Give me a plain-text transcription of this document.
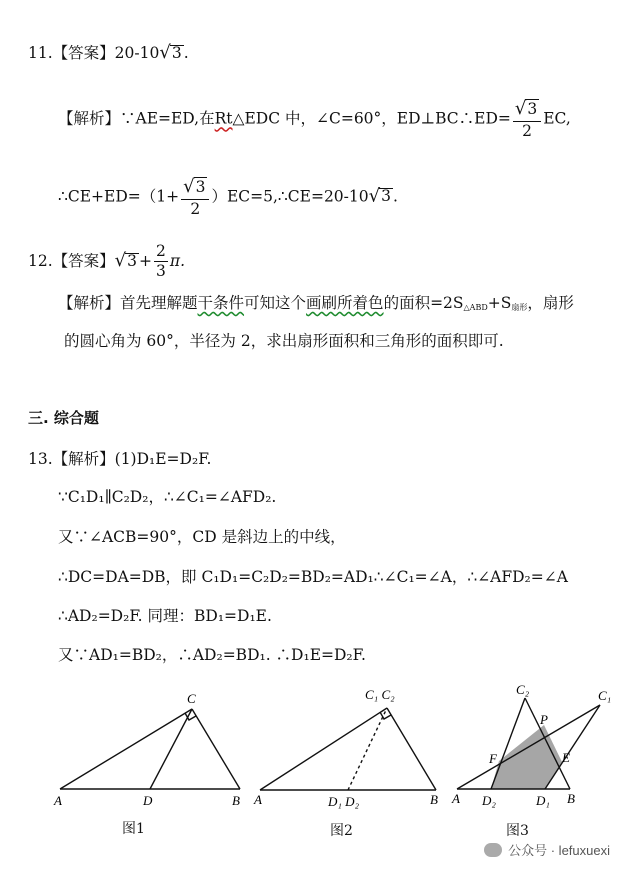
11.【答案】20-10√3 .
【解析】∵AE=ED,在Rt△EDC 中，∠C=60°，ED⊥BC∴ED= $\frac{√3}{2}$ EC,
∴CE+ED=（1+ $\frac{√3}{2}$ ）EC=5,∴CE=20-10√3 .
12.【答案】$√3 + \frac{2}{3} \pi$.
【解析】首先理解题干条件可知这个画刷所着色的面积=2S△ABD+S扇形，扇形
的圆心角为 60°，半径为 2，求出扇形面积和三角形的面积即可.
三. 综合题
13.【解析】(1)D₁E=D₂F.
∵C₁D₁∥C₂D₂，∴∠C₁=∠AFD₂.
又∵∠ACB=90°，CD 是斜边上的中线，
∴DC=DA=DB，即 C₁D₁=C₂D₂=BD₂=AD₁∴∠C₁=∠A，∴∠AFD₂=∠A
∴AD₂=D₂F. 同理：BD₁=D₁E.
又∵AD₁=BD₂，∴AD₂=BD₁. ∴D₁E=D₂F.
A	D	B
C
图1
A	D₁ D₂	B
C₁ C₂
图2
A D₂	D₁ B
C₂	C₁
F	E
P
图3
公众号 · lefuxuexi
